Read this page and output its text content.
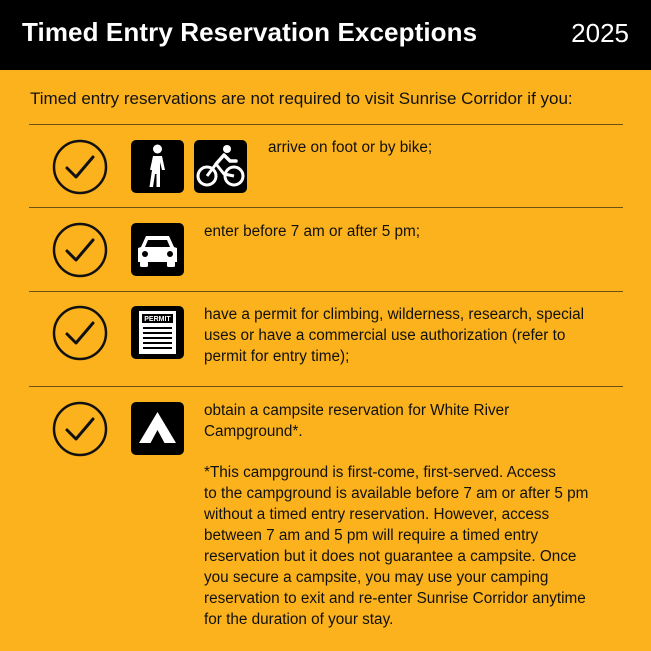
Timed Entry Reservation Exceptions	2025
Timed entry reservations are not required to visit Sunrise Corridor if you:
arrive on foot or by bike;
enter before 7 am or after 5 pm;
PERMIT have a permit for climbing, wilderness, research, special
uses or have a commercial use authorization (refer to
permit for entry time);
obtain a campsite reservation for White River
Campground*.
*This campground is first-come, first-served. Access
to the campground is available before 7 am or after 5 pm
without a timed entry reservation. However, access
between 7 am and 5 pm will require a timed entry
reservation but it does not guarantee a campsite. Once
you secure a campsite, you may use your camping
reservation to exit and re-enter Sunrise Corridor anytime
for the duration of your stay.
